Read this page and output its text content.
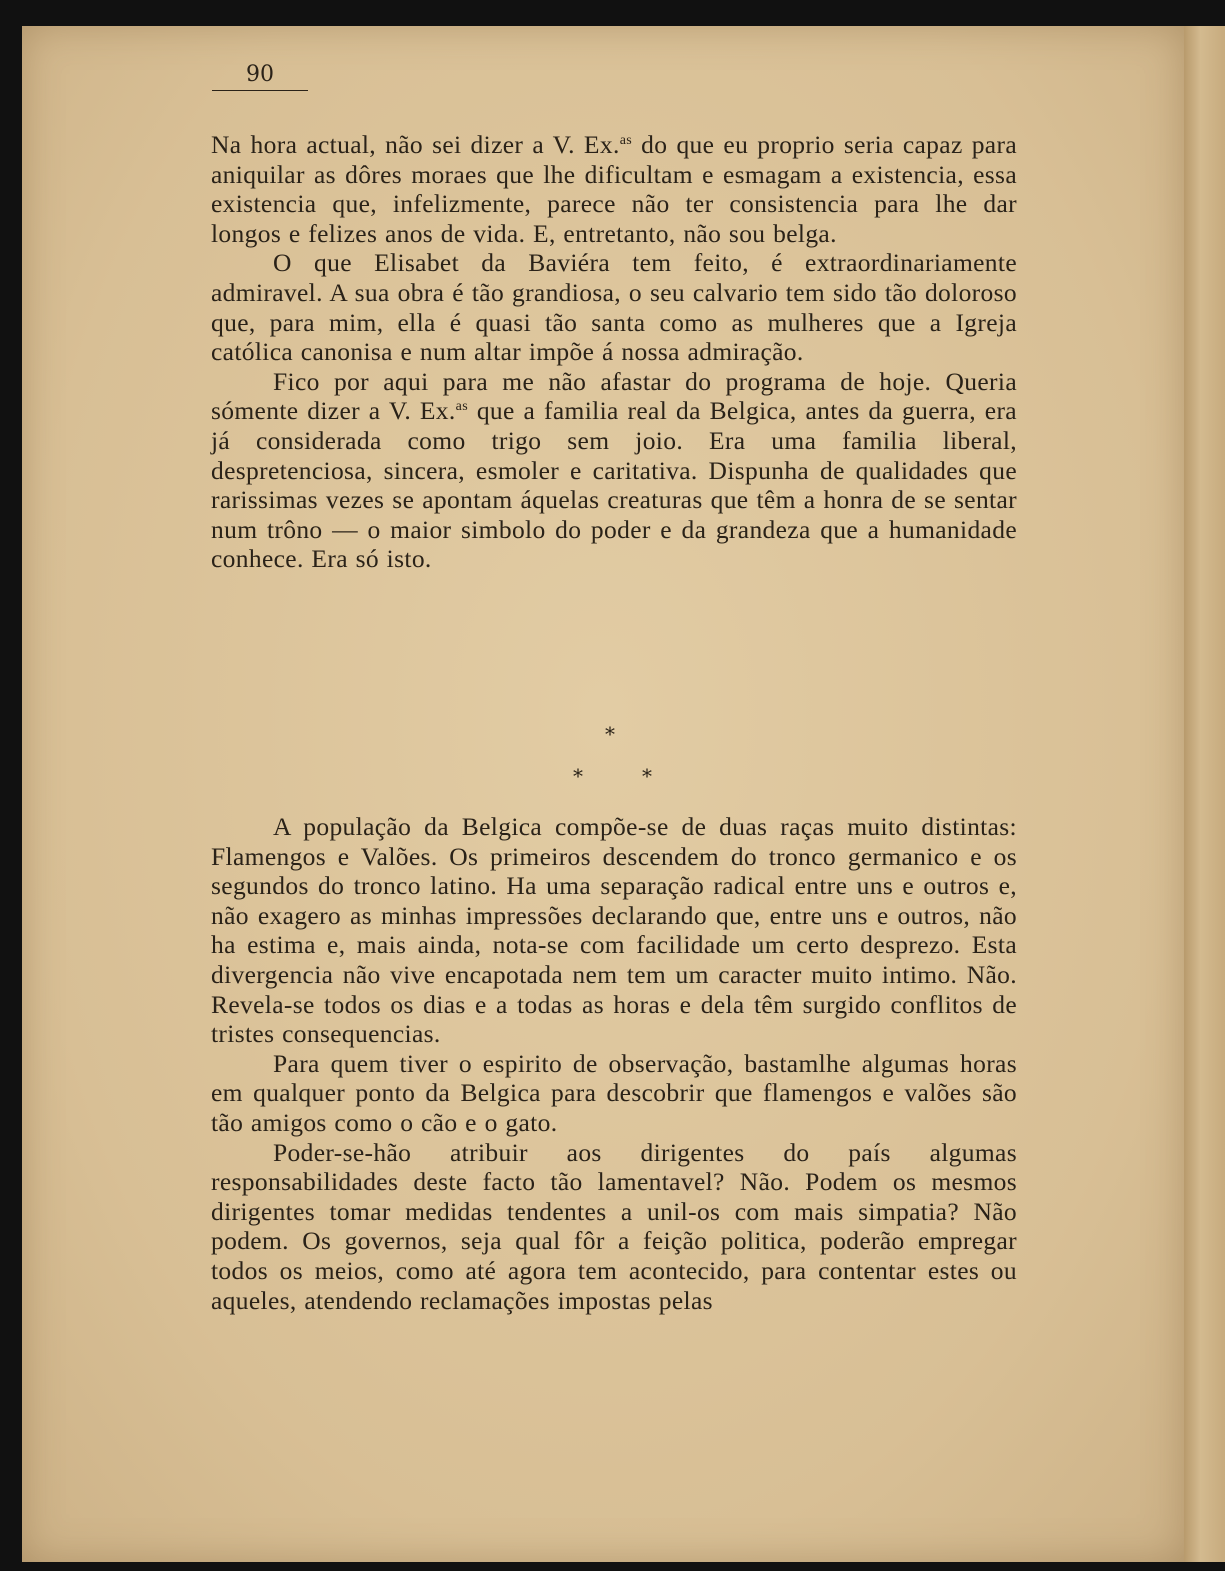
90

Na hora actual, não sei dizer a V. Ex.$^{as}$ do que eu proprio seria capaz para aniquilar as dôres moraes que lhe dificultam e esmagam a existencia, essa existencia que, infelizmente, parece não ter consistencia para lhe dar longos e felizes anos de vida. E, entretanto, não sou belga.

O que Elisabet da Baviéra tem feito, é extraordinariamente admiravel. A sua obra é tão grandiosa, o seu calvario tem sido tão doloroso que, para mim, ella é quasi tão santa como as mulheres que a Igreja católica canonisa e num altar impõe á nossa admiração.

Fico por aqui para me não afastar do programa de hoje. Queria sómente dizer a V. Ex.$^{as}$ que a familia real da Belgica, antes da guerra, era já considerada como trigo sem joio. Era uma familia liberal, despretenciosa, sincera, esmoler e caritativa. Dispunha de qualidades que rarissimas vezes se apontam áquelas creaturas que têm a honra de se sentar num trôno — o maior simbolo do poder e da grandeza que a humanidade conhece. Era só isto.

*
*	*

A população da Belgica compõe-se de duas raças muito distintas: Flamengos e Valões. Os primeiros descendem do tronco germanico e os segundos do tronco latino. Ha uma separação radical entre uns e outros e, não exagero as minhas impressões declarando que, entre uns e outros, não ha estima e, mais ainda, nota-se com facilidade um certo desprezo. Esta divergencia não vive encapotada nem tem um caracter muito intimo. Não. Revela-se todos os dias e a todas as horas e dela têm surgido conflitos de tristes consequencias.

Para quem tiver o espirito de observação, bastamlhe algumas horas em qualquer ponto da Belgica para descobrir que flamengos e valões são tão amigos como o cão e o gato.

Poder-se-hão atribuir aos dirigentes do país algumas responsabilidades deste facto tão lamentavel? Não. Podem os mesmos dirigentes tomar medidas tendentes a unil-os com mais simpatia? Não podem. Os governos, seja qual fôr a feição politica, poderão empregar todos os meios, como até agora tem acontecido, para contentar estes ou aqueles, atendendo reclamações impostas pelas
